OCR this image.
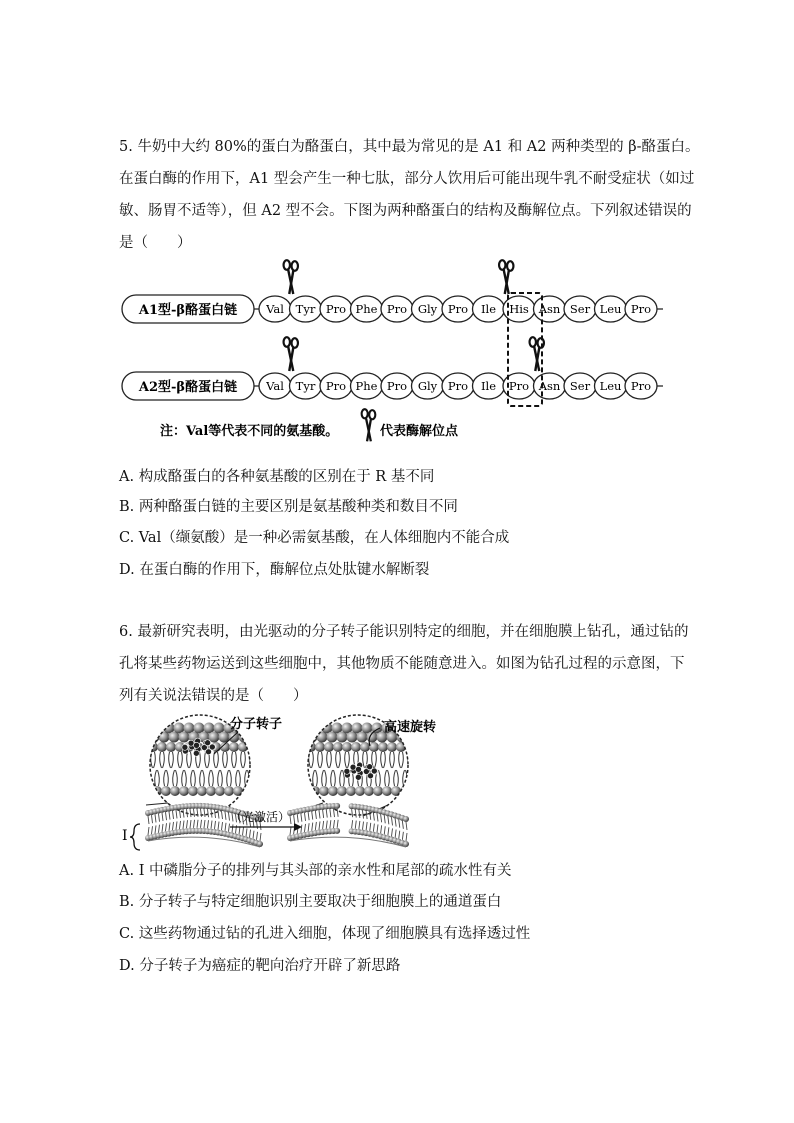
5. 牛奶中大约 80%的蛋白为酪蛋白，其中最为常见的是 A1 和 A2 两种类型的 β-酪蛋白。
在蛋白酶的作用下，A1 型会产生一种七肽，部分人饮用后可能出现牛乳不耐受症状（如过
敏、肠胃不适等），但 A2 型不会。下图为两种酪蛋白的结构及酶解位点。下列叙述错误的
是（　　）
A1型-β酪蛋白链
A2型-β酪蛋白链
Val Tyr Pro Phe Pro Gly Pro Ile His Asn Ser Leu Pro
Val Tyr Pro Phe Pro Gly Pro Ile Pro Asn Ser Leu Pro
注：Val等代表不同的氨基酸。	代表酶解位点
A. 构成酪蛋白的各种氨基酸的区别在于 R 基不同
B. 两种酪蛋白链的主要区别是氨基酸种类和数目不同
C. Val（缬氨酸）是一种必需氨基酸，在人体细胞内不能合成
D. 在蛋白酶的作用下，酶解位点处肽键水解断裂
6. 最新研究表明，由光驱动的分子转子能识别特定的细胞，并在细胞膜上钻孔，通过钻的
孔将某些药物运送到这些细胞中，其他物质不能随意进入。如图为钻孔过程的示意图，下
列有关说法错误的是（　　）
分子转子	高速旋转
（光激活）
I
A. I 中磷脂分子的排列与其头部的亲水性和尾部的疏水性有关
B. 分子转子与特定细胞识别主要取决于细胞膜上的通道蛋白
C. 这些药物通过钻的孔进入细胞，体现了细胞膜具有选择透过性
D. 分子转子为癌症的靶向治疗开辟了新思路
